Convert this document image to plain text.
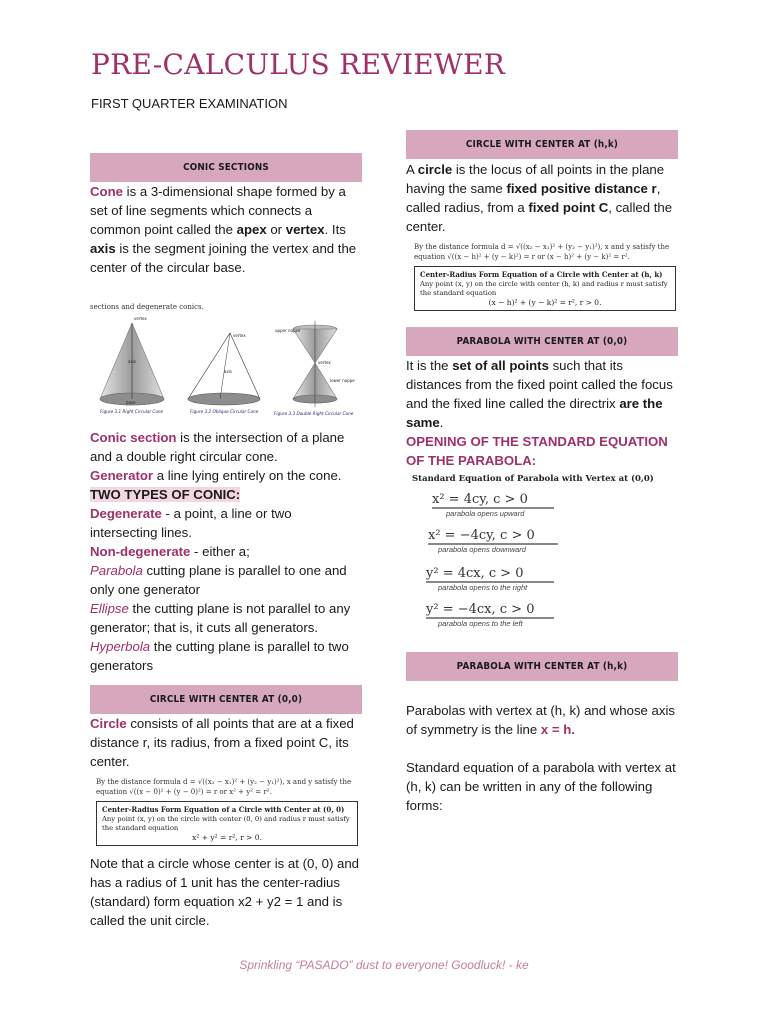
PRE-CALCULUS REVIEWER
FIRST QUARTER EXAMINATION
CONIC SECTIONS

Cone is a 3-dimensional shape formed by a set of line segments which connects a common point called the apex or vertex. Its axis is the segment joining the vertex and the center of the circular base.

sections and degenerate conics.
vertex
axis
base
Figure 3.1 Right Circular Cone
vertex
axis
Figure 3.2 Oblique Circular Cone
upper nappe
vertex
lower nappe
Figure 3.3 Double Right Circular Cone

Conic section is the intersection of a plane and a double right circular cone.

Generator a line lying entirely on the cone.

TWO TYPES OF CONIC:

Degenerate - a point, a line or two intersecting lines.

Non-degenerate - either a;

Parabola cutting plane is parallel to one and only one generator

Ellipse the cutting plane is not parallel to any generator; that is, it cuts all generators.

Hyperbola the cutting plane is parallel to two generators

CIRCLE WITH CENTER AT (0,0)

Circle consists of all points that are at a fixed distance r, its radius, from a fixed point C, its center.

By the distance formula d = √((x₂ − x₁)² + (y₂ − y₁)²), x and y satisfy the
equation √((x − 0)² + (y − 0)²) = r or x² + y² = r².
Center-Radius Form Equation of a Circle with Center at (0, 0)
Any point (x, y) on the circle with center (0, 0) and radius r must satisfy the standard equation
x² + y² = r², r > 0.

Note that a circle whose center is at (0, 0) and has a radius of 1 unit has the center-radius (standard) form equation x2 + y2 = 1 and is called the unit circle.

CIRCLE WITH CENTER AT (h,k)

A circle is the locus of all points in the plane having the same fixed positive distance r, called radius, from a fixed point C, called the center.

By the distance formula d = √((x₂ − x₁)² + (y₂ − y₁)²), x and y satisfy the
equation √((x − h)² + (y − k)²) = r or (x − h)² + (y − k)² = r².
Center-Radius Form Equation of a Circle with Center at (h, k)
Any point (x, y) on the circle with center (h, k) and radius r must satisfy the standard equation
(x − h)² + (y − k)² = r², r > 0.
PARABOLA WITH CENTER AT (0,0)

It is the set of all points such that its distances from the fixed point called the focus and the fixed line called the directrix are the same.

OPENING OF THE STANDARD EQUATION OF THE PARABOLA:

Standard Equation of Parabola with Vertex at (0,0)
x² = 4cy, c > 0
parabola opens upward
x² = −4cy, c > 0
parabola opens downward
y² = 4cx, c > 0
parabola opens to the right
y² = −4cx, c > 0
parabola opens to the left
PARABOLA WITH CENTER AT (h,k)

Parabolas with vertex at (h, k) and whose axis of symmetry is the line x = h.

Standard equation of a parabola with vertex at (h, k) can be written in any of the following forms:

Sprinkling “PASADO” dust to everyone! Goodluck! - ke
